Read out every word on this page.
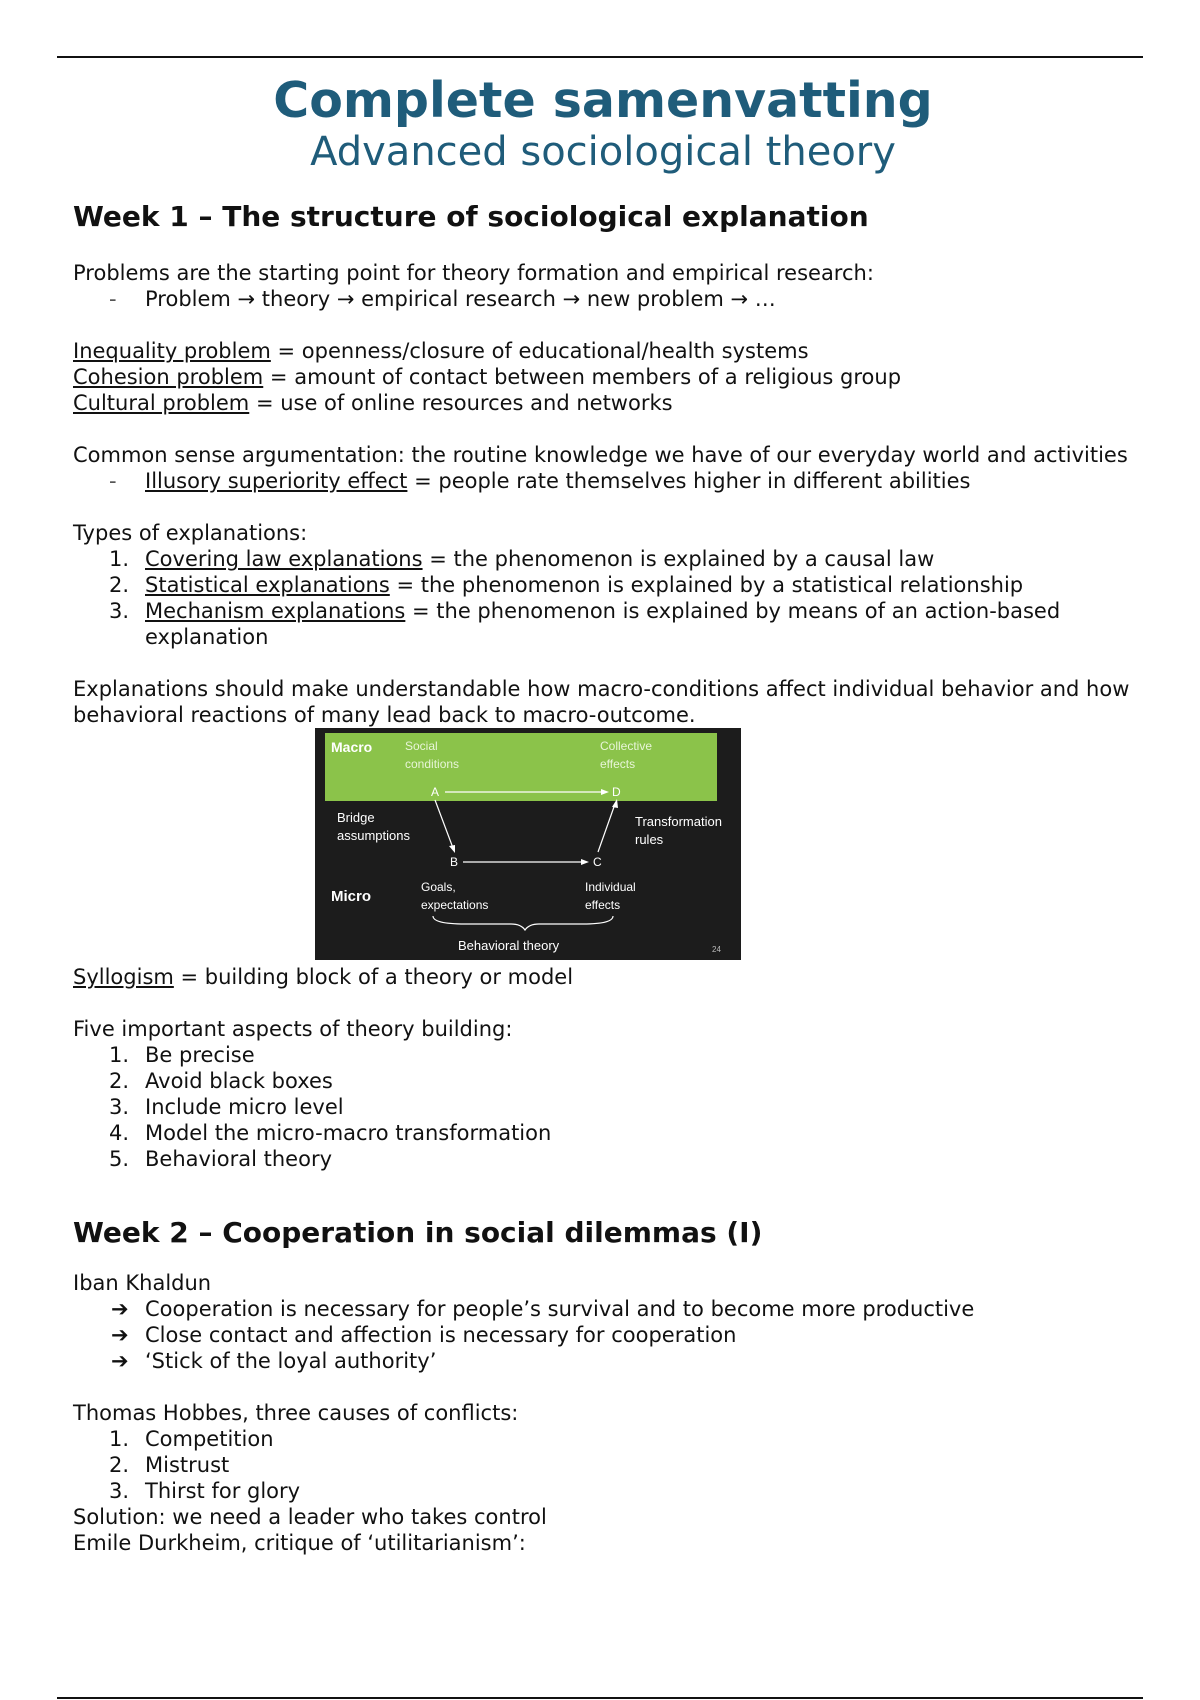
Complete samenvatting
Advanced sociological theory
Week 1 – The structure of sociological explanation

Problems are the starting point for theory formation and empirical research:

-	Problem → theory → empirical research → new problem → …

Inequality problem = openness/closure of educational/health systems

Cohesion problem = amount of contact between members of a religious group

Cultural problem = use of online resources and networks

Common sense argumentation: the routine knowledge we have of our everyday world and activities

-	Illusory superiority effect = people rate themselves higher in different abilities

Types of explanations:

1. Covering law explanations = the phenomenon is explained by a causal law
2. Statistical explanations = the phenomenon is explained by a statistical relationship
3. Mechanism explanations = the phenomenon is explained by means of an action-based explanation

Explanations should make understandable how macro-conditions affect individual behavior and how behavioral reactions of many lead back to macro-outcome.

Macro	Social
conditions
Collective
effects
A	D
Bridge
assumptions
Transformation
rules
B	C
Micro
Goals,
expectations
Individual
effects
Behavioral theory	24

Syllogism = building block of a theory or model

Five important aspects of theory building:

1. Be precise
2. Avoid black boxes
3. Include micro level
4. Model the micro-macro transformation
5. Behavioral theory
Week 2 – Cooperation in social dilemmas (I)

Iban Khaldun

➔ Cooperation is necessary for people’s survival and to become more productive
➔ Close contact and affection is necessary for cooperation
➔ ‘Stick of the loyal authority’

Thomas Hobbes, three causes of conflicts:

1. Competition
2. Mistrust
3. Thirst for glory

Solution: we need a leader who takes control

Emile Durkheim, critique of ‘utilitarianism’:
